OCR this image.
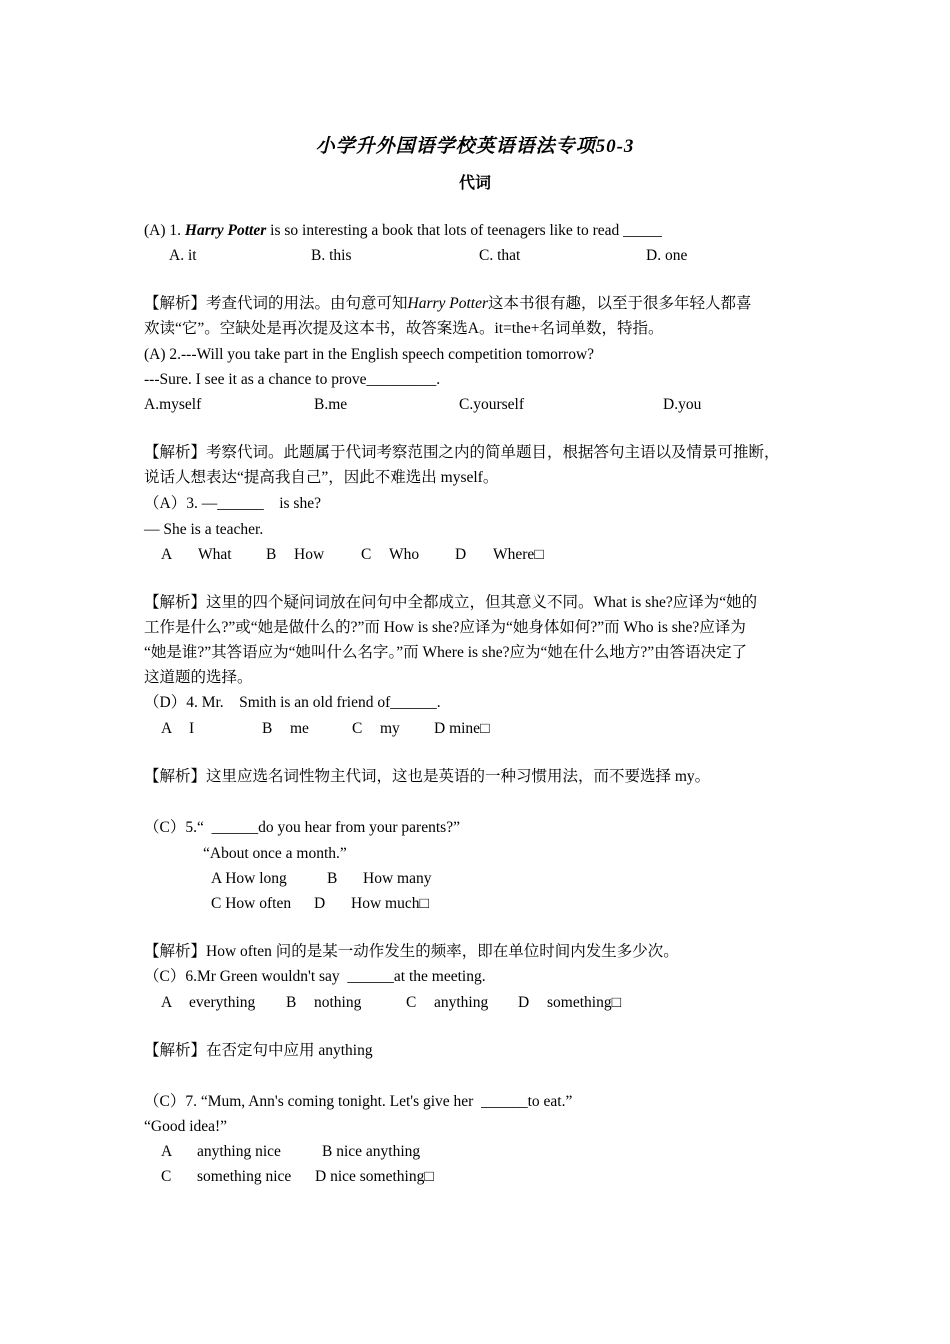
小学升外国语学校英语语法专项50-3
代词
(A) 1. Harry Potter is so interesting a book that lots of teenagers like to read _____
A. it	B. this	C. that	D. one
【解析】考查代词的用法。由句意可知Harry Potter这本书很有趣，以至于很多年轻人都喜
欢读“它”。空缺处是再次提及这本书，故答案选A。it=the+名词单数，特指。
(A) 2.---Will you take part in the English speech competition tomorrow?
---Sure. I see it as a chance to prove_________.
A.myself	B.me	C.yourself	D.you
【解析】考察代词。此题属于代词考察范围之内的简单题目，根据答句主语以及情景可推断，
说话人想表达“提高我自己”，因此不难选出 myself。
（A）3. —______    is she?
— She is a teacher.
A What B How C Who D Where□
【解析】这里的四个疑问词放在问句中全都成立，但其意义不同。What is she?应译为“她的
工作是什么?”或“她是做什么的?”而 How is she?应译为“她身体如何?”而 Who is she?应译为
“她是谁?”其答语应为“她叫什么名字。”而 Where is she?应为“她在什么地方?”由答语决定了
这道题的选择。
（D）4. Mr.    Smith is an old friend of______.
A I	B me	C my D mine□
【解析】这里应选名词性物主代词，这也是英语的一种习惯用法，而不要选择 my。
（C）5.“  ______do you hear from your parents?”
“About once a month.”
A How long	B How many
C How often D How much□
【解析】How often 问的是某一动作发生的频率，即在单位时间内发生多少次。
（C）6.Mr Green wouldn't say  ______at the meeting.
A everything B nothing	C anything D something□
【解析】在否定句中应用 anything
（C）7. “Mum, Ann's coming tonight. Let's give her  ______to eat.”
“Good idea!”
A anything nice	B nice anything
C something nice D nice something□
